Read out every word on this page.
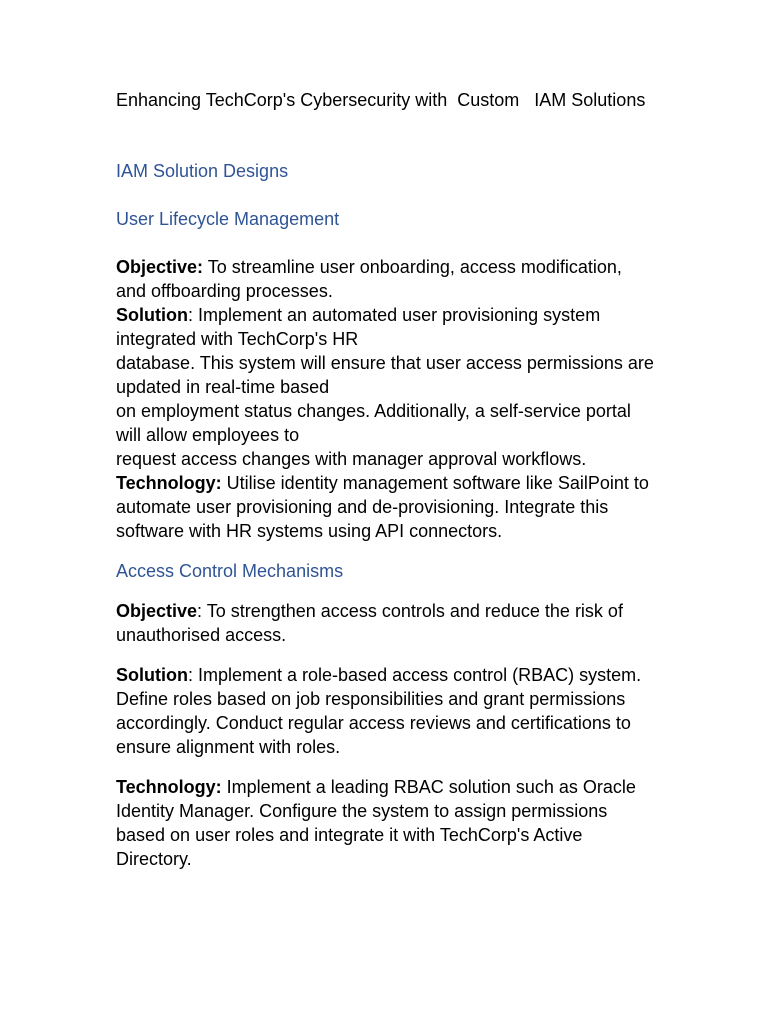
Enhancing TechCorp's Cybersecurity with  Custom   IAM Solutions

IAM Solution Designs
User Lifecycle Management

Objective: To streamline user onboarding, access modification, and offboarding processes.

Solution: Implement an automated user provisioning system integrated with TechCorp's HR
database. This system will ensure that user access permissions are updated in real-time based
on employment status changes. Additionally, a self-service portal will allow employees to
request access changes with manager approval workflows.

Technology: Utilise identity management software like SailPoint to automate user provisioning and de-provisioning. Integrate this software with HR systems using API connectors.

Access Control Mechanisms

Objective: To strengthen access controls and reduce the risk of unauthorised access.

Solution: Implement a role-based access control (RBAC) system. Define roles based on job responsibilities and grant permissions accordingly. Conduct regular access reviews and certifications to ensure alignment with roles.

Technology: Implement a leading RBAC solution such as Oracle Identity Manager. Configure the system to assign permissions based on user roles and integrate it with TechCorp's Active Directory.
